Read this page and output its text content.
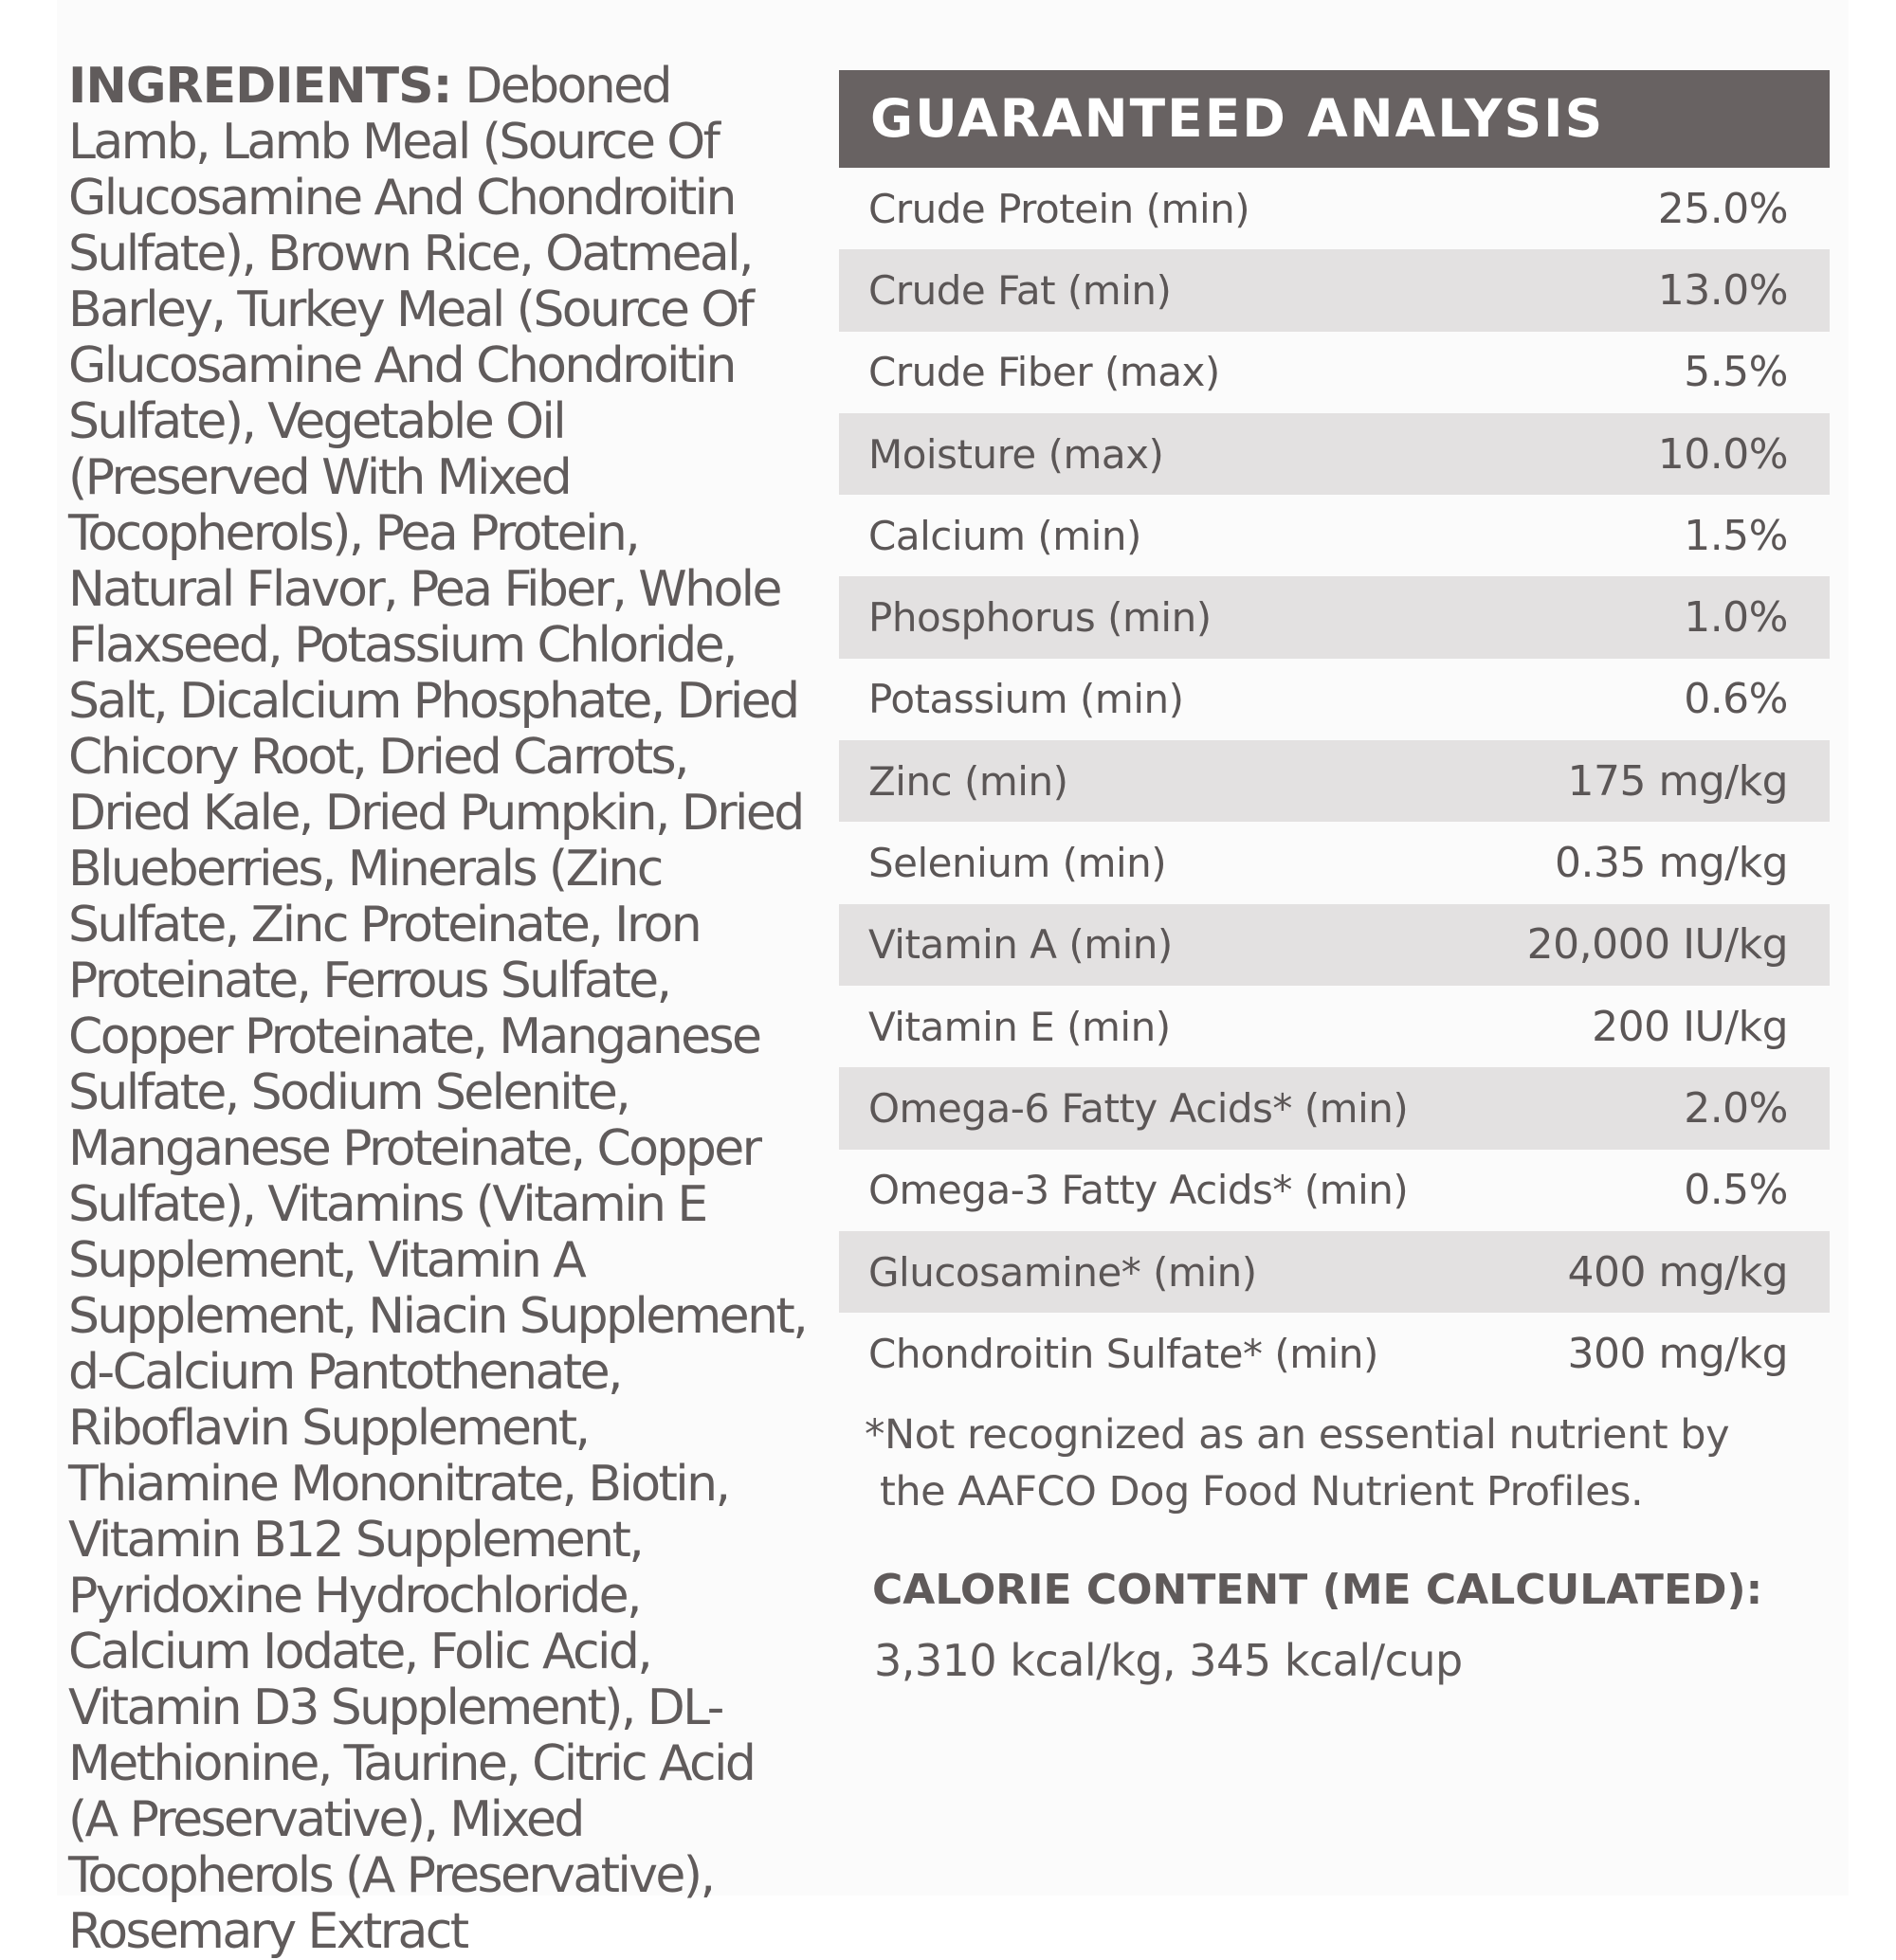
INGREDIENTS: Deboned Lamb, Lamb Meal (Source Of Glucosamine And Chondroitin Sulfate), Brown Rice, Oatmeal, Barley, Turkey Meal (Source Of Glucosamine And Chondroitin Sulfate), Vegetable Oil (Preserved With Mixed Tocopherols), Pea Protein, Natural Flavor, Pea Fiber, Whole Flaxseed, Potassium Chloride, Salt, Dicalcium Phosphate, Dried Chicory Root, Dried Carrots, Dried Kale, Dried Pumpkin, Dried Blueberries, Minerals (Zinc Sulfate, Zinc Proteinate, Iron Proteinate, Ferrous Sulfate, Copper Proteinate, Manganese Sulfate, Sodium Selenite, Manganese Proteinate, Copper Sulfate), Vitamins (Vitamin E Supplement, Vitamin A Supplement, Niacin Supplement, d-Calcium Pantothenate, Riboflavin Supplement, Thiamine Mononitrate, Biotin, Vitamin B12 Supplement, Pyridoxine Hydrochloride, Calcium Iodate, Folic Acid, Vitamin D3 Supplement), DL-Methionine, Taurine, Citric Acid (A Preservative), Mixed Tocopherols (A Preservative), Rosemary Extract
GUARANTEED ANALYSIS
Crude Protein (min)	25.0%
Crude Fat (min)	13.0%
Crude Fiber (max)	5.5%
Moisture (max)	10.0%
Calcium (min)	1.5%
Phosphorus (min)	1.0%
Potassium (min)	0.6%
Zinc (min)	175 mg/kg
Selenium (min)	0.35 mg/kg
Vitamin A (min)	20,000 IU/kg
Vitamin E (min)	200 IU/kg
Omega-6 Fatty Acids* (min)	2.0%
Omega-3 Fatty Acids* (min)	0.5%
Glucosamine* (min)	400 mg/kg
Chondroitin Sulfate* (min)	300 mg/kg
*Not recognized as an essential nutrient by
the AAFCO Dog Food Nutrient Profiles.
CALORIE CONTENT (ME CALCULATED):
3,310 kcal/kg, 345 kcal/cup
